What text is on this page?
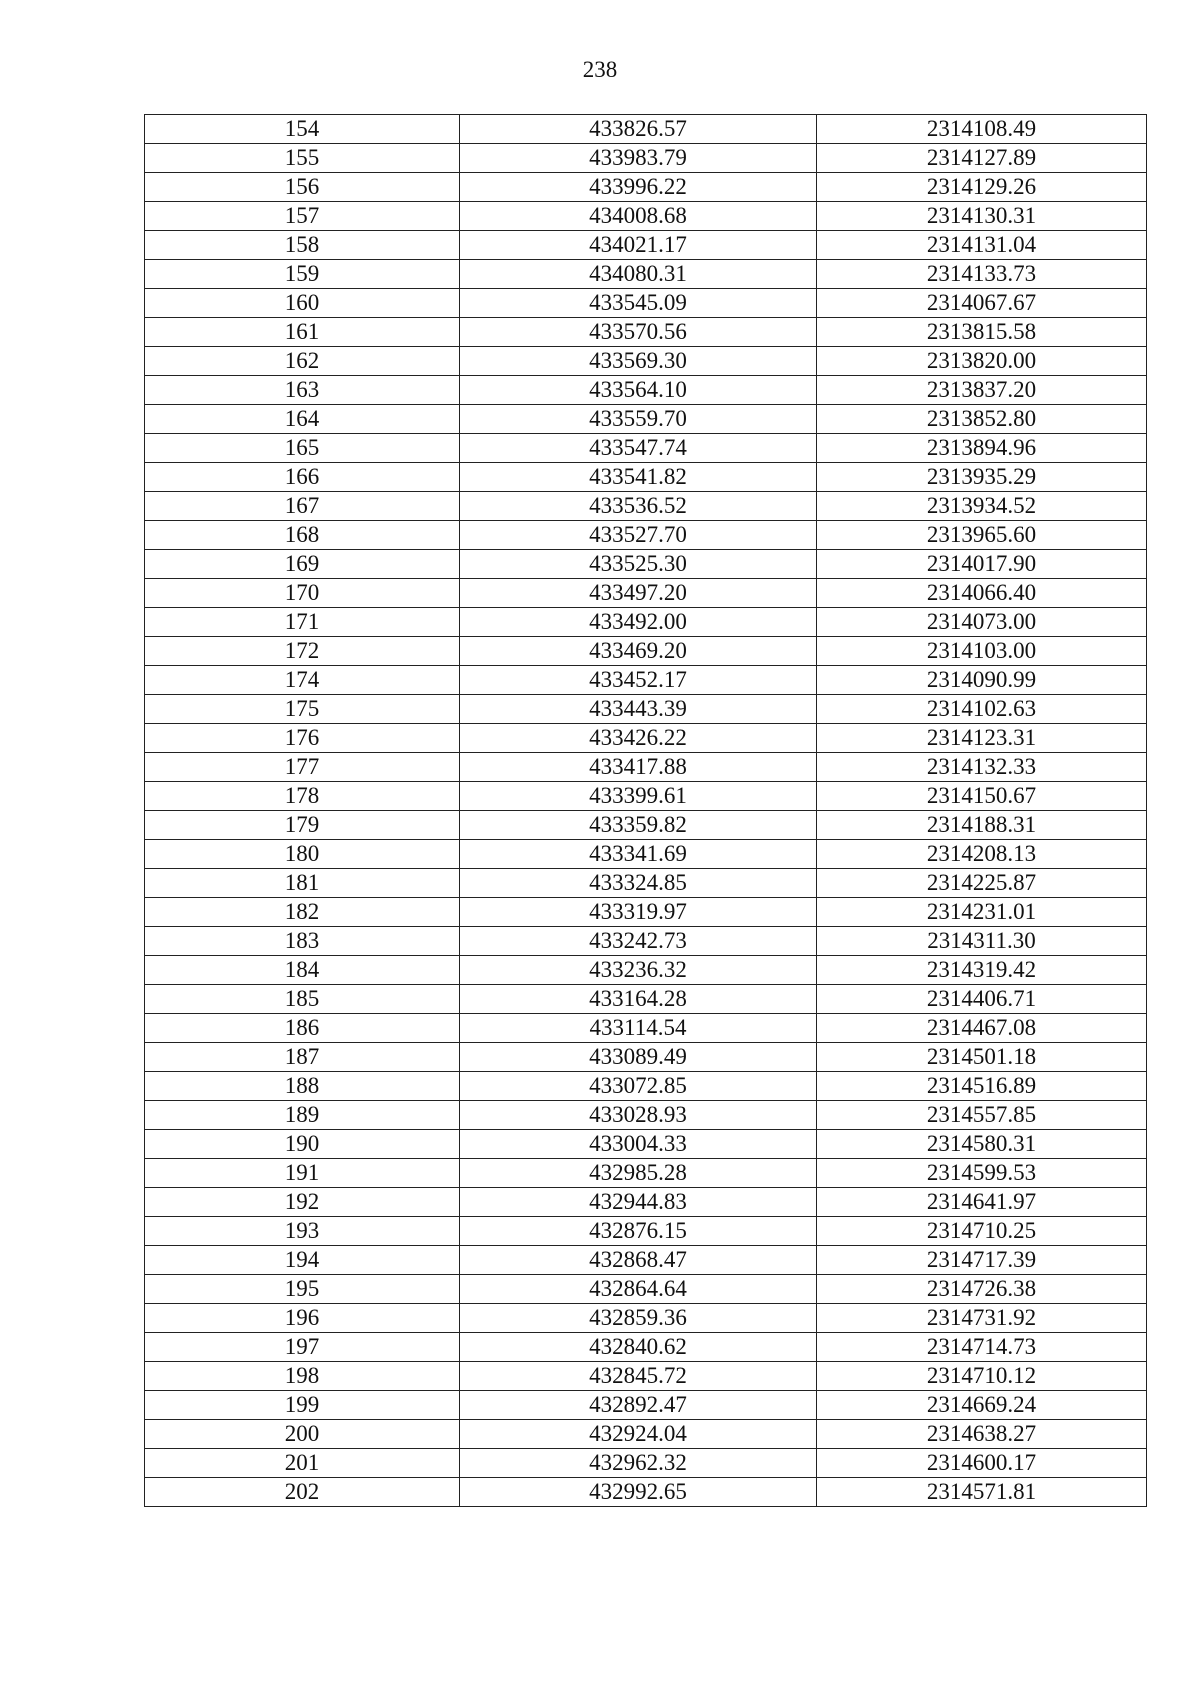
238
154	433826.57	2314108.49
155	433983.79	2314127.89
156	433996.22	2314129.26
157	434008.68	2314130.31
158	434021.17	2314131.04
159	434080.31	2314133.73
160	433545.09	2314067.67
161	433570.56	2313815.58
162	433569.30	2313820.00
163	433564.10	2313837.20
164	433559.70	2313852.80
165	433547.74	2313894.96
166	433541.82	2313935.29
167	433536.52	2313934.52
168	433527.70	2313965.60
169	433525.30	2314017.90
170	433497.20	2314066.40
171	433492.00	2314073.00
172	433469.20	2314103.00
174	433452.17	2314090.99
175	433443.39	2314102.63
176	433426.22	2314123.31
177	433417.88	2314132.33
178	433399.61	2314150.67
179	433359.82	2314188.31
180	433341.69	2314208.13
181	433324.85	2314225.87
182	433319.97	2314231.01
183	433242.73	2314311.30
184	433236.32	2314319.42
185	433164.28	2314406.71
186	433114.54	2314467.08
187	433089.49	2314501.18
188	433072.85	2314516.89
189	433028.93	2314557.85
190	433004.33	2314580.31
191	432985.28	2314599.53
192	432944.83	2314641.97
193	432876.15	2314710.25
194	432868.47	2314717.39
195	432864.64	2314726.38
196	432859.36	2314731.92
197	432840.62	2314714.73
198	432845.72	2314710.12
199	432892.47	2314669.24
200	432924.04	2314638.27
201	432962.32	2314600.17
202	432992.65	2314571.81
